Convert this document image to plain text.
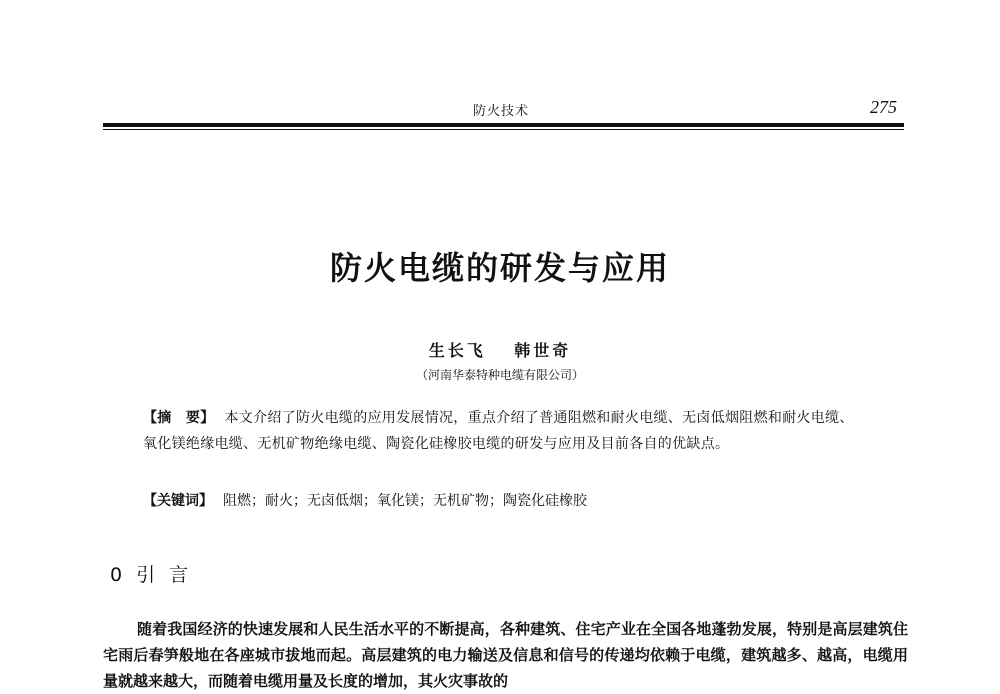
防火技术	275
防火电缆的研发与应用
生长飞 韩世奇
（河南华泰特种电缆有限公司）
【摘　要】 本文介绍了防火电缆的应用发展情况，重点介绍了普通阻燃和耐火电缆、无卤低烟阻燃和耐火电缆、氧化镁绝缘电缆、无机矿物绝缘电缆、陶瓷化硅橡胶电缆的研发与应用及目前各自的优缺点。
【关键词】 阻燃；耐火；无卤低烟；氧化镁；无机矿物；陶瓷化硅橡胶
0 引 言
随着我国经济的快速发展和人民生活水平的不断提高，各种建筑、住宅产业在全国各地蓬勃发展，特别是高层建筑住宅雨后春笋般地在各座城市拔地而起。高层建筑的电力输送及信息和信号的传递均依赖于电缆，建筑越多、越高，电缆用量就越来越大，而随着电缆用量及长度的增加，其火灾事故的
